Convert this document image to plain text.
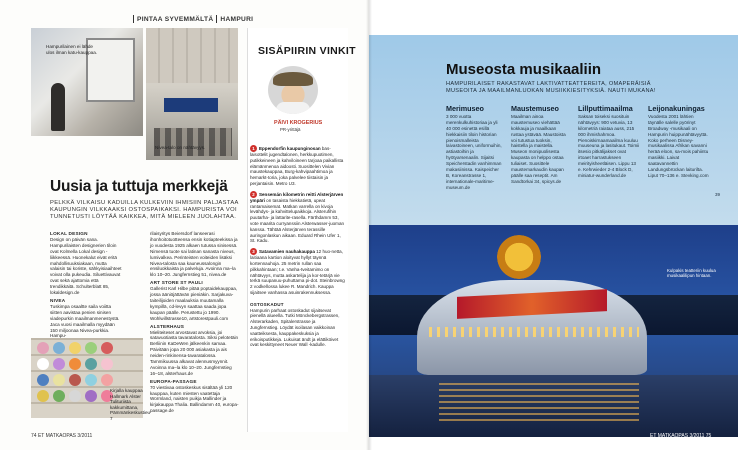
PINTAA SYVEMMÄLTÄ HAMPURI
Hampurilainen ei lähde ulos ilman katu-kauppaa.
Nivea-talo on nähtävyys.
Uusia ja tuttuja merkkejä
PELKKÄ VILKAISU KADUILLA KULKEVIIN IHMISIIN PALJASTAA KAUPUNGIN VILKKAAKSI OSTOSPAIKAKSI. HAMPURISTA VOI TUNNETUSTI LÖYTÄÄ KAIKKEA, MITÄ MIELEEN JUOLAHTAA.
LOKAL DESIGN

Design on päivän sana. Hampurilaisten designerien tiloin ovat Kolmella Lokal design -liikkeessä. Huonekalut eivät eritä mahdollisuuksiakaan, mutta valaisin tai koriste, sähkyisiaaihteet voivat olla pukeudia. Siluettivauvat ovat sekä ajattomia että trendikkäitä. Schulterblatt 85, lokaldesign.de

NIVEA

Tuskimpa osaaltte saila voiitta siitten aavistaa penien sinisen viadepurkin maailmanmenestystä. Jaca vuosi maailmalla myydään 150 miljoonaa Nivea-purkkia. Hampu-

rilaisyritys Beiersdorf lanseerasi ihonhoitotuotteensa ensin kotiapteekissa ja jo vuodesta 1925 alkaen tutussa sinisessä. Nimensä tuote sai latinan sanasta niveus, lumivalkea. Perinteisten voiteiden lisäksi Nivea-talosta saa kauneussalongin ensiluokkaista ja palveluja. Avoinna ma–la klo 10–20. Jungfernstieg 51, nivea.de

ART STORE ST PAULI

Gallerist Karl Hilbe pitää poptaidekauppaa, jossa ääniöjättävän pieniäkin. Sarjakuva-taiteilijoiden maalauksia muutamalla kympillä, cd-levyn saattaa saada jopa kaupan päälle. Perustettu jo 1990. Wohlwillstrasse10, artstorestpauli.com

ALSTERHAUS

Mieliteiteset arvostavat arvoksia, joi satavuotiasta tavaratalosta. Siksi pelotetäin Berliinin KaDeWen jälkeenkin samaa. Päivitään jopa 20 000 asiakasta ja ais neiden-rinkinensa-tavaratalossa. Tammikuussa alkavat alennusmyynnit. Avoinna ma–la klo 10–20. Jungfernstieg 16–18, alsterhaus.de

EUROPA-PASSAGE

70 viestivaa ostoskeskus sisältää yli 120 kauppaa, kuten miesten vaatettaja Wormland, naisten puikja Mallinder ja kirjakauppa Thalia. Ballindamm 40, europa-passage.de

Kirjalla kauppaa Hallmark Alster Tulituriista kakkumittana, Pämmänkeskustieu 7
74 ET MATKAOPAS 3/2011
SISÄPIIRIN VINKIT
PÄIVI KROGERIUS
PR-yrittäjä

1 Eppendorfin kaupunginosan bas-laisottelit jugendtalonen, herkkupuotimen, putikkeineen ja kahviloineen tarjoaa paikallista elämänmenoa aidoosti. Suosittelen Vivian maustekauppaa, Burg-kahvipaahtimoa ja hemarkt-toria, joka palvelee tiistaisin ja perjantaisin. Metro U3.

2 Sensemán kilometrin reitti Alsterjärven ympäri on tasaista hiekkatietä, upeat rantamaisemat. Matkan varrella on kivoja levähdys- ja kahvittelupaikkoja. Alsterufihin puutarha- ja lattarite-rasella. Färthdamm 53, vote maarita curryanssiin Alsterwasser-juoman kanssa. Tähtää Alsterjärven terassille auringonlaskun aikaan. Eduard Rhein Ufer 1, St. Kadu.

3 Satavamien nauhakauppa 12 huo-netta, laitiaana kartion aloityvat hyllyt täynnä kortennauhoja. 25 metrin rullan saa pilkkahintaan; t.e. Vanha-tveitamimo on nähtävyys, mutta askartelija ja kor-tetärjä vie terkä suupanuu-puhuttama pi-dot. Steinbrowng 2 vodkellossa lukee R. Mandrich. Kauppa sijaitsee vanhassa asuinrakennuksessa.

OSTOSKADUT

Hampurin parhaat ostoskadut sijaitsevat pienellä alueella. Tutki Mönckebergstrassen, Alsterarkaden, Spitalerstrasse ja Jungfernstieg. Löydät isoilasan vaikkoinan vaatteiksesta, kauppakeskuksia ja erikoisputikkeja. Lukuisat ändt ja elättiköivet ovat keskittyneet Neuer Wall -kadulle.

Museosta musikaaliin
HAMPURILAISET RAKASTAVAT LAKTIVATTEATTEREITA, OMAPERÄISIÄ MUSEOITA JA MAAILMANLUOKAN MUSIIKKIESITYKSIÄ. NAUTI MUKANA!
Merimuseo
3 000 vuotta merenkulkuhistoriaa ja yli 40 000 esinettä esillä hiekkaisiin tiloin historian pienoismalleista laivastoineen, uniformuihin, astiastoihin ja hyötyarsenaalin. Sijaitsi Speicherstadin vanhimman makasiinissa. Kaispeicher B, Koreanstrasse 1, internationale-maritime-museum.de
Maustemuseo
Maailman ainoa maustemuseo viehättää kokkauja ja maailkaan rustaa ystävää. Maustoista voi tutustua tuoksin, haistella ja maistella. Museon monipuolisesta kaupasta on helppo ostaa tuliaiset. Suosittele maustemarkaudin kaupan päälle saa reseptit. Am Sandtorkai 34, spicys.de
Lillputtimaailma
Saksan toiseksi suosituin nähtävyys: 900 vetuvia, 13 kilometriä raiataa auss, 215 000 ihmishahmoa. Pienoiskirnaamaailma kuuluu muuseuna ja lasitukaut. Toimii itsesio pitkälijakset ovat irtoaet harrastukseen meirityisheetläisen. Lippu 13 e. Kehrwieder 2-4 Block D, miniatur-wunderland.de
Leijonakuningas
Vuodesta 2001 lähtien täynälle salelle pyörinyt Broadway -musikaali on Hampurin huippunähtävyyttä. Koko perheen Disney-musikaalissa Afrikan savanni herää eloon, sa-mois pahiintu masiikki. Laivat saatavannettin Landungsbrückan laiturilta. Liput 70–136 e. Stevking.com
39
Kulpakis teatteriin kuulua musikaalilipun hintaan.
ET MATKAOPAS 3/2011 75
